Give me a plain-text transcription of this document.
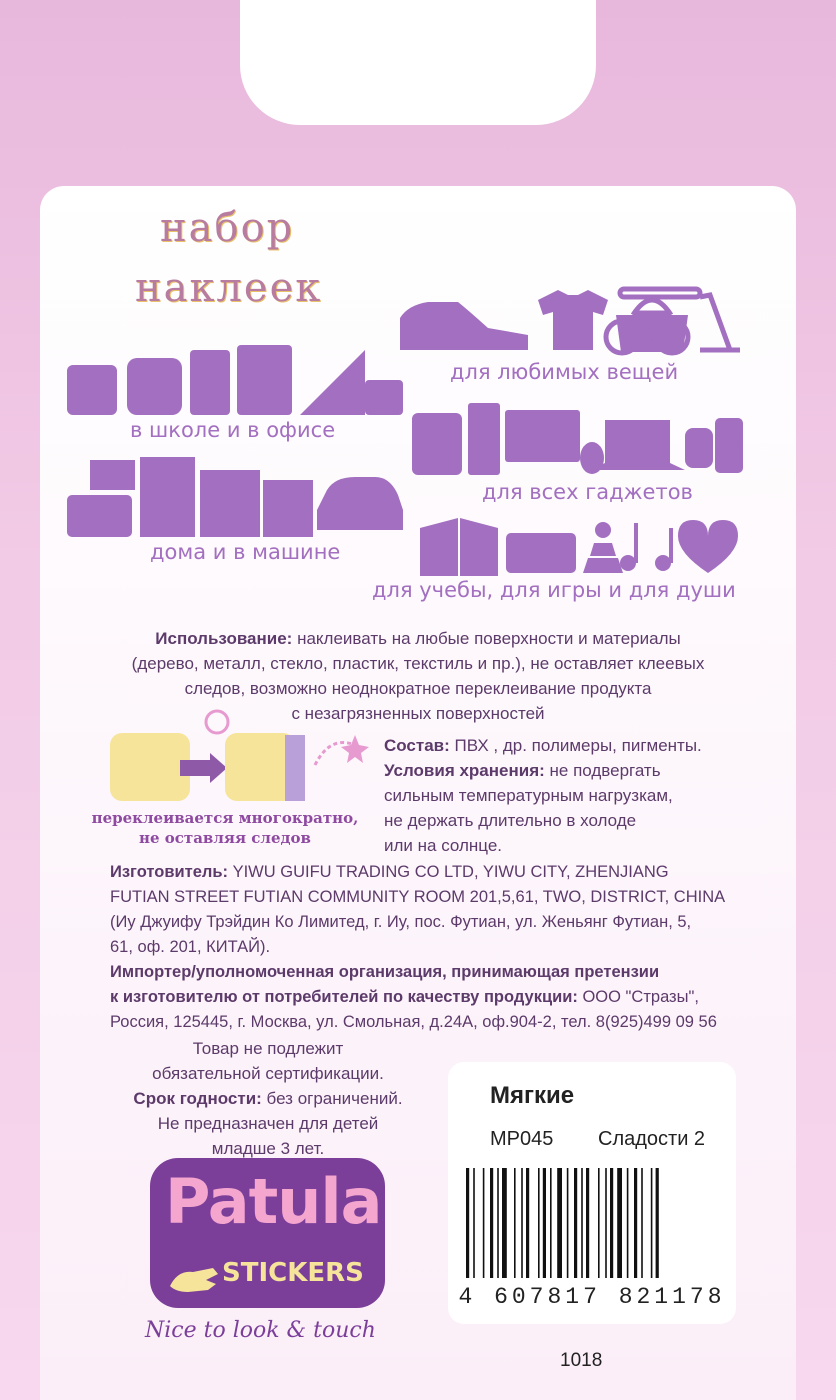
набор
наклеек
для любимых вещей
в школе и в офисе
для всех гаджетов
дома и в машине
для учебы, для игры и для души
Использование: наклеивать на любые поверхности и материалы
(дерево, металл, стекло, пластик, текстиль и пр.), не оставляет клеевых
следов, возможно неоднократное переклеивание продукта
с незагрязненных поверхностей
переклеивается многократно,
не оставляя следов
Состав: ПВХ , др. полимеры, пигменты.
Условия хранения: не подвергать
сильным температурным нагрузкам,
не держать длительно в холоде
или на солнце.
Изготовитель: YIWU GUIFU TRADING CO LTD, YIWU CITY, ZHENJIANG
FUTIAN STREET FUTIAN COMMUNITY ROOM 201,5,61, TWO, DISTRICT, CHINA
(Иу Джуифу Трэйдин Ко Лимитед, г. Иу, пос. Футиан, ул. Женьянг Футиан, 5,
61, оф. 201, КИТАЙ).
Импортер/уполномоченная организация, принимающая претензии
к изготовителю от потребителей по качеству продукции: ООО "Стразы",
Россия, 125445, г. Москва, ул. Смольная, д.24А, оф.904-2, тел. 8(925)499 09 56
Товар не подлежит
обязательной сертификации.
Срок годности: без ограничений.
Не предназначен для детей
младше 3 лет.
Patula
STICKERS
Nice to look & touch
Мягкие
MP045 Сладости 2
4 607817 821178
1018
